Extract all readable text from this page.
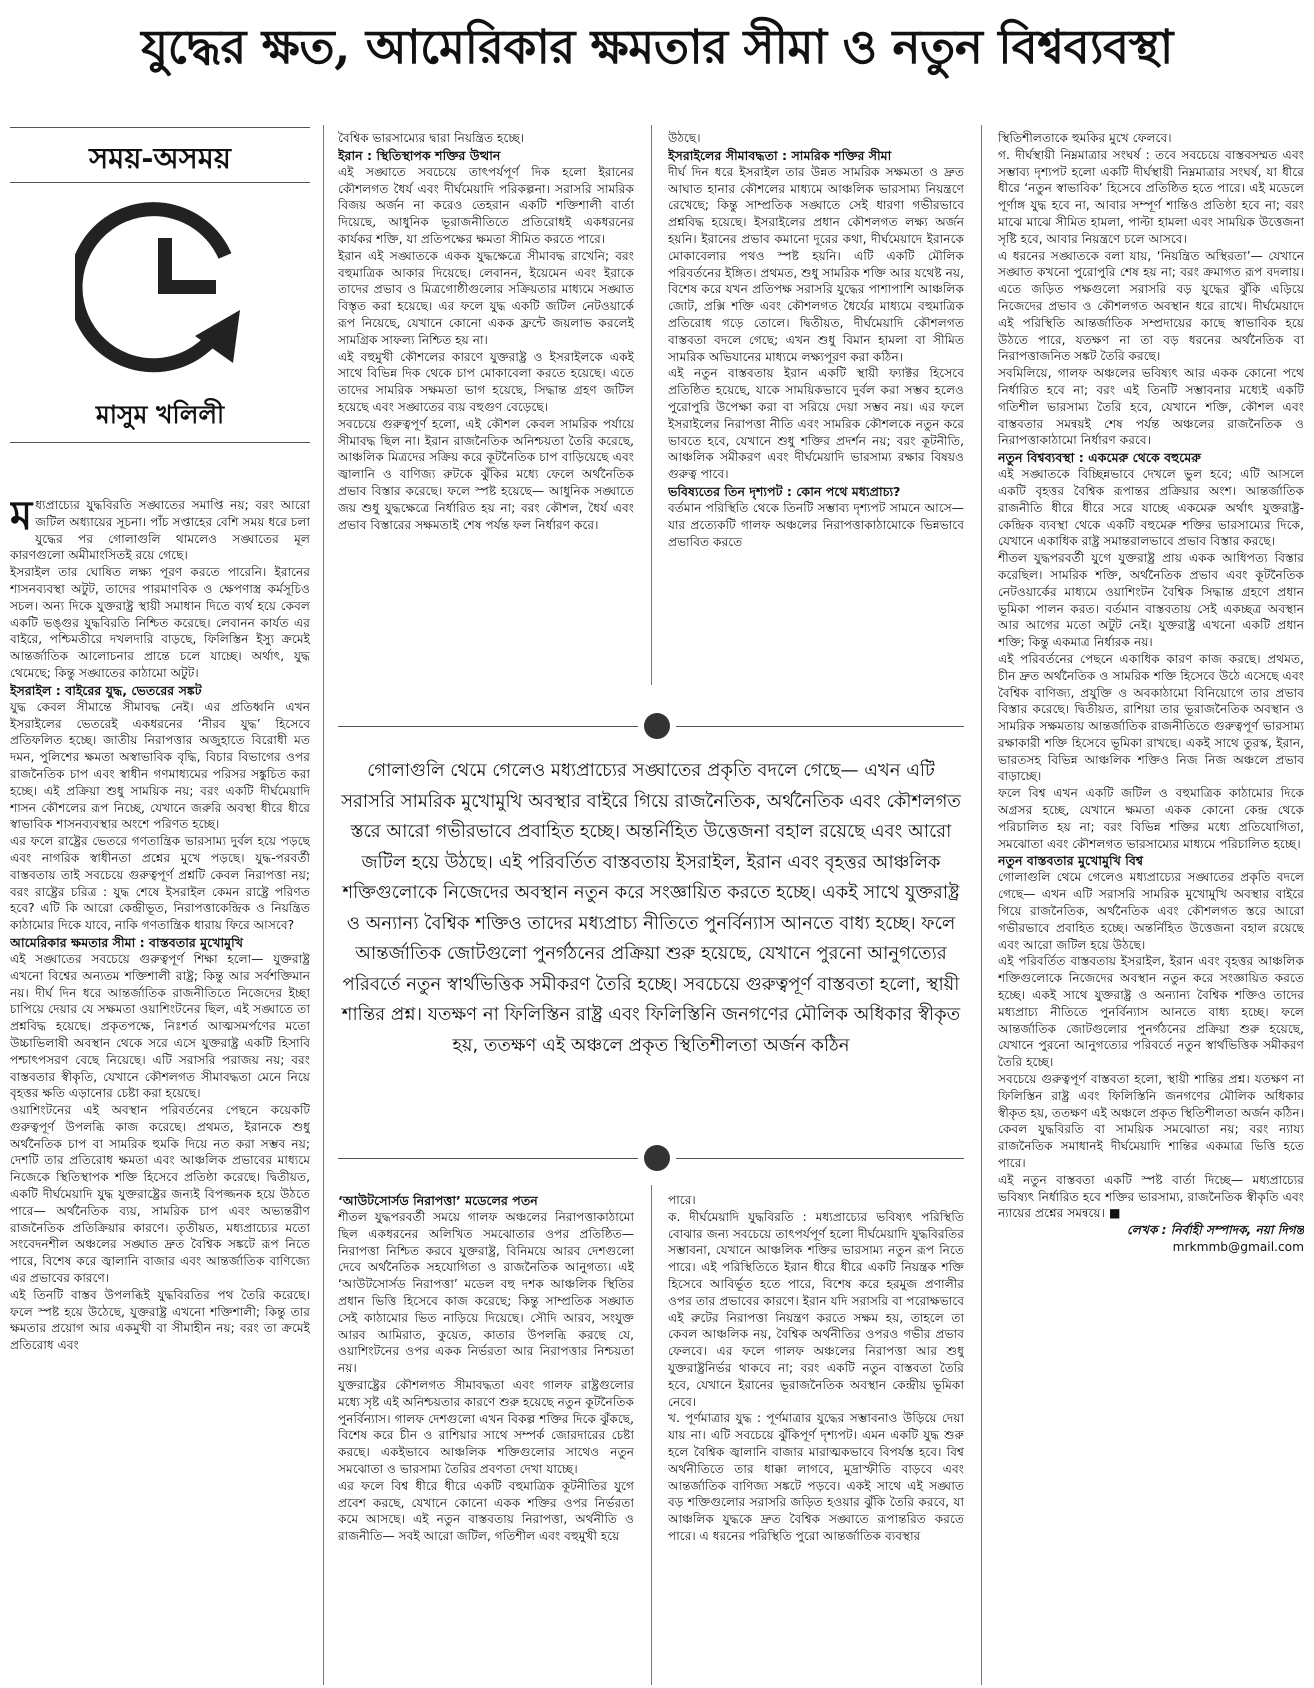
যুদ্ধের ক্ষত, আমেরিকার ক্ষমতার সীমা ও নতুন বিশ্বব্যবস্থা
সময়-অসময়
মাসুম খলিলী

মধ্যপ্রাচ্যের যুদ্ধবিরতি সঙ্ঘাতের সমাপ্তি নয়; বরং আরো জটিল অধ্যায়ের সূচনা। পাঁচ সপ্তাহের বেশি সময় ধরে চলা যুদ্ধের পর গোলাগুলি থামলেও সঙ্ঘাতের মূল কারণগুলো অমীমাংসিতই রয়ে গেছে।

ইসরাইল তার ঘোষিত লক্ষ্য পূরণ করতে পারেনি। ইরানের শাসনব্যবস্থা অটুট, তাদের পারমাণবিক ও ক্ষেপণাস্ত্র কর্মসূচিও সচল। অন্য দিকে যুক্তরাষ্ট্র স্থায়ী সমাধান দিতে ব্যর্থ হয়ে কেবল একটি ভঙ্গুর যুদ্ধবিরতি নিশ্চিত করেছে। লেবানন কার্যত এর বাইরে, পশ্চিমতীরে দখলদারি বাড়ছে, ফিলিস্তিন ইস্যু ক্রমেই আন্তর্জাতিক আলোচনার প্রান্তে চলে যাচ্ছে। অর্থাৎ, যুদ্ধ থেমেছে; কিন্তু সঙ্ঘাতের কাঠামো অটুট।

ইসরাইল : বাইরের যুদ্ধ, ভেতরের সঙ্কট

যুদ্ধ কেবল সীমান্তে সীমাবদ্ধ নেই। এর প্রতিধ্বনি এখন ইসরাইলের ভেতরেই একধরনের ‘নীরব যুদ্ধ’ হিসেবে প্রতিফলিত হচ্ছে। জাতীয় নিরাপত্তার অজুহাতে বিরোধী মত দমন, পুলিশের ক্ষমতা অস্বাভাবিক বৃদ্ধি, বিচার বিভাগের ওপর রাজনৈতিক চাপ এবং স্বাধীন গণমাধ্যমের পরিসর সঙ্কুচিত করা হচ্ছে। এই প্রক্রিয়া শুধু সাময়িক নয়; বরং একটি দীর্ঘমেয়াদি শাসন কৌশলের রূপ নিচ্ছে, যেখানে জরুরি অবস্থা ধীরে ধীরে স্বাভাবিক শাসনব্যবস্থার অংশে পরিণত হচ্ছে।

এর ফলে রাষ্ট্রের ভেতরে গণতান্ত্রিক ভারসাম্য দুর্বল হয়ে পড়ছে এবং নাগরিক স্বাধীনতা প্রশ্নের মুখে পড়ছে। যুদ্ধ-পরবর্তী বাস্তবতায় তাই সবচেয়ে গুরুত্বপূর্ণ প্রশ্নটি কেবল নিরাপত্তা নয়; বরং রাষ্ট্রের চরিত্র : যুদ্ধ শেষে ইসরাইল কেমন রাষ্ট্রে পরিণত হবে? এটি কি আরো কেন্দ্রীভূত, নিরাপত্তাকেন্দ্রিক ও নিয়ন্ত্রিত কাঠামোর দিকে যাবে, নাকি গণতান্ত্রিক ধারায় ফিরে আসবে?

আমেরিকার ক্ষমতার সীমা : বাস্তবতার মুখোমুখি

এই সঙ্ঘাতের সবচেয়ে গুরুত্বপূর্ণ শিক্ষা হলো— যুক্তরাষ্ট্র এখনো বিশ্বের অন্যতম শক্তিশালী রাষ্ট্র; কিন্তু আর সর্বশক্তিমান নয়। দীর্ঘ দিন ধরে আন্তর্জাতিক রাজনীতিতে নিজেদের ইচ্ছা চাপিয়ে দেয়ার যে সক্ষমতা ওয়াশিংটনের ছিল, এই সঙ্ঘাতে তা প্রশ্নবিদ্ধ হয়েছে। প্রকৃতপক্ষে, নিঃশর্ত আত্মসমর্পণের মতো উচ্চাভিলাষী অবস্থান থেকে সরে এসে যুক্তরাষ্ট্র একটি হিসাবি পশ্চাৎপসরণ বেছে নিয়েছে। এটি সরাসরি পরাজয় নয়; বরং বাস্তবতার স্বীকৃতি, যেখানে কৌশলগত সীমাবদ্ধতা মেনে নিয়ে বৃহত্তর ক্ষতি এড়ানোর চেষ্টা করা হয়েছে।

ওয়াশিংটনের এই অবস্থান পরিবর্তনের পেছনে কয়েকটি গুরুত্বপূর্ণ উপলব্ধি কাজ করেছে। প্রথমত, ইরানকে শুধু অর্থনৈতিক চাপ বা সামরিক হুমকি দিয়ে নত করা সম্ভব নয়; দেশটি তার প্রতিরোধ ক্ষমতা এবং আঞ্চলিক প্রভাবের মাধ্যমে নিজেকে স্থিতিস্থাপক শক্তি হিসেবে প্রতিষ্ঠা করেছে। দ্বিতীয়ত, একটি দীর্ঘমেয়াদি যুদ্ধ যুক্তরাষ্ট্রের জন্যই বিপজ্জনক হয়ে উঠতে পারে— অর্থনৈতিক ব্যয়, সামরিক চাপ এবং অভ্যন্তরীণ রাজনৈতিক প্রতিক্রিয়ার কারণে। তৃতীয়ত, মধ্যপ্রাচ্যের মতো সংবেদনশীল অঞ্চলের সঙ্ঘাত দ্রুত বৈশ্বিক সঙ্কটে রূপ নিতে পারে, বিশেষ করে জ্বালানি বাজার এবং আন্তর্জাতিক বাণিজ্যে এর প্রভাবের কারণে।

এই তিনটি বাস্তব উপলব্ধিই যুদ্ধবিরতির পথ তৈরি করেছে। ফলে স্পষ্ট হয়ে উঠেছে, যুক্তরাষ্ট্র এখনো শক্তিশালী; কিন্তু তার ক্ষমতার প্রয়োগ আর একমুখী বা সীমাহীন নয়; বরং তা ক্রমেই প্রতিরোধ এবং

বৈশ্বিক ভারসাম্যের দ্বারা নিয়ন্ত্রিত হচ্ছে।

ইরান : স্থিতিস্থাপক শক্তির উত্থান

এই সঙ্ঘাতে সবচেয়ে তাৎপর্যপূর্ণ দিক হলো ইরানের কৌশলগত ধৈর্য এবং দীর্ঘমেয়াদি পরিকল্পনা। সরাসরি সামরিক বিজয় অর্জন না করেও তেহরান একটি শক্তিশালী বার্তা দিয়েছে, আধুনিক ভূরাজনীতিতে প্রতিরোধই একধরনের কার্যকর শক্তি, যা প্রতিপক্ষের ক্ষমতা সীমিত করতে পারে।

ইরান এই সঙ্ঘাতকে একক যুদ্ধক্ষেত্রে সীমাবদ্ধ রাখেনি; বরং বহুমাত্রিক আকার দিয়েছে। লেবানন, ইয়েমেন এবং ইরাকে তাদের প্রভাব ও মিত্রগোষ্ঠীগুলোর সক্রিয়তার মাধ্যমে সঙ্ঘাত বিস্তৃত করা হয়েছে। এর ফলে যুদ্ধ একটি জটিল নেটওয়ার্কে রূপ নিয়েছে, যেখানে কোনো একক ফ্রন্টে জয়লাভ করলেই সামগ্রিক সাফল্য নিশ্চিত হয় না।

এই বহুমুখী কৌশলের কারণে যুক্তরাষ্ট্র ও ইসরাইলকে একই সাথে বিভিন্ন দিক থেকে চাপ মোকাবেলা করতে হয়েছে। এতে তাদের সামরিক সক্ষমতা ভাগ হয়েছে, সিদ্ধান্ত গ্রহণ জটিল হয়েছে এবং সঙ্ঘাতের ব্যয় বহুগুণ বেড়েছে।

সবচেয়ে গুরুত্বপূর্ণ হলো, এই কৌশল কেবল সামরিক পর্যায়ে সীমাবদ্ধ ছিল না। ইরান রাজনৈতিক অনিশ্চয়তা তৈরি করেছে, আঞ্চলিক মিত্রদের সক্রিয় করে কূটনৈতিক চাপ বাড়িয়েছে এবং জ্বালানি ও বাণিজ্য রুটকে ঝুঁকির মধ্যে ফেলে অর্থনৈতিক প্রভাব বিস্তার করেছে। ফলে স্পষ্ট হয়েছে— আধুনিক সঙ্ঘাতে জয় শুধু যুদ্ধক্ষেত্রে নির্ধারিত হয় না; বরং কৌশল, ধৈর্য এবং প্রভাব বিস্তারের সক্ষমতাই শেষ পর্যন্ত ফল নির্ধারণ করে।

উঠছে।

ইসরাইলের সীমাবদ্ধতা : সামরিক শক্তির সীমা

দীর্ঘ দিন ধরে ইসরাইল তার উন্নত সামরিক সক্ষমতা ও দ্রুত আঘাত হানার কৌশলের মাধ্যমে আঞ্চলিক ভারসাম্য নিয়ন্ত্রণে রেখেছে; কিন্তু সাম্প্রতিক সঙ্ঘাতে সেই ধারণা গভীরভাবে প্রশ্নবিদ্ধ হয়েছে। ইসরাইলের প্রধান কৌশলগত লক্ষ্য অর্জন হয়নি। ইরানের প্রভাব কমানো দূরের কথা, দীর্ঘমেয়াদে ইরানকে মোকাবেলার পথও স্পষ্ট হয়নি। এটি একটি মৌলিক পরিবর্তনের ইঙ্গিত। প্রথমত, শুধু সামরিক শক্তি আর যথেষ্ট নয়, বিশেষ করে যখন প্রতিপক্ষ সরাসরি যুদ্ধের পাশাপাশি আঞ্চলিক জোট, প্রক্সি শক্তি এবং কৌশলগত ধৈর্যের মাধ্যমে বহুমাত্রিক প্রতিরোধ গড়ে তোলে। দ্বিতীয়ত, দীর্ঘমেয়াদি কৌশলগত বাস্তবতা বদলে গেছে; এখন শুধু বিমান হামলা বা সীমিত সামরিক অভিযানের মাধ্যমে লক্ষ্যপূরণ করা কঠিন।

এই নতুন বাস্তবতায় ইরান একটি স্থায়ী ফ্যাক্টর হিসেবে প্রতিষ্ঠিত হয়েছে, যাকে সাময়িকভাবে দুর্বল করা সম্ভব হলেও পুরোপুরি উপেক্ষা করা বা সরিয়ে দেয়া সম্ভব নয়। এর ফলে ইসরাইলের নিরাপত্তা নীতি এবং সামরিক কৌশলকে নতুন করে ভাবতে হবে, যেখানে শুধু শক্তির প্রদর্শন নয়; বরং কূটনীতি, আঞ্চলিক সমীকরণ এবং দীর্ঘমেয়াদি ভারসাম্য রক্ষার বিষয়ও গুরুত্ব পাবে।

ভবিষ্যতের তিন দৃশ্যপট : কোন পথে মধ্যপ্রাচ্য?

বর্তমান পরিস্থিতি থেকে তিনটি সম্ভাব্য দৃশ্যপট সামনে আসে— যার প্রত্যেকটি গালফ অঞ্চলের নিরাপত্তাকাঠামোকে ভিন্নভাবে প্রভাবিত করতে

গোলাগুলি থেমে গেলেও মধ্যপ্রাচ্যের সঙ্ঘাতের প্রকৃতি বদলে গেছে— এখন এটি সরাসরি সামরিক মুখোমুখি অবস্থার বাইরে গিয়ে রাজনৈতিক, অর্থনৈতিক এবং কৌশলগত স্তরে আরো গভীরভাবে প্রবাহিত হচ্ছে। অন্তর্নিহিত উত্তেজনা বহাল রয়েছে এবং আরো জটিল হয়ে উঠছে। এই পরিবর্তিত বাস্তবতায় ইসরাইল, ইরান এবং বৃহত্তর আঞ্চলিক শক্তিগুলোকে নিজেদের অবস্থান নতুন করে সংজ্ঞায়িত করতে হচ্ছে। একই সাথে যুক্তরাষ্ট্র ও অন্যান্য বৈশ্বিক শক্তিও তাদের মধ্যপ্রাচ্য নীতিতে পুনর্বিন্যাস আনতে বাধ্য হচ্ছে। ফলে আন্তর্জাতিক জোটগুলো পুনর্গঠনের প্রক্রিয়া শুরু হয়েছে, যেখানে পুরনো আনুগত্যের পরিবর্তে নতুন স্বার্থভিত্তিক সমীকরণ তৈরি হচ্ছে। সবচেয়ে গুরুত্বপূর্ণ বাস্তবতা হলো, স্থায়ী শান্তির প্রশ্ন। যতক্ষণ না ফিলিস্তিন রাষ্ট্র এবং ফিলিস্তিনি জনগণের মৌলিক অধিকার স্বীকৃত হয়, ততক্ষণ এই অঞ্চলে প্রকৃত স্থিতিশীলতা অর্জন কঠিন
‘আউটসোর্সড নিরাপত্তা’ মডেলের পতন

শীতল যুদ্ধপরবর্তী সময়ে গালফ অঞ্চলের নিরাপত্তাকাঠামো ছিল একধরনের অলিখিত সমঝোতার ওপর প্রতিষ্ঠিত— নিরাপত্তা নিশ্চিত করবে যুক্তরাষ্ট্র, বিনিময়ে আরব দেশগুলো দেবে অর্থনৈতিক সহযোগিতা ও রাজনৈতিক আনুগত্য। এই ‘আউটসোর্সড নিরাপত্তা’ মডেল বহু দশক আঞ্চলিক স্থিতির প্রধান ভিত্তি হিসেবে কাজ করেছে; কিন্তু সাম্প্রতিক সঙ্ঘাত সেই কাঠামোর ভিত নাড়িয়ে দিয়েছে। সৌদি আরব, সংযুক্ত আরব আমিরাত, কুয়েত, কাতার উপলব্ধি করছে যে, ওয়াশিংটনের ওপর একক নির্ভরতা আর নিরাপত্তার নিশ্চয়তা নয়।

যুক্তরাষ্ট্রের কৌশলগত সীমাবদ্ধতা এবং গালফ রাষ্ট্রগুলোর মধ্যে সৃষ্ট এই অনিশ্চয়তার কারণে শুরু হয়েছে নতুন কূটনৈতিক পুনর্বিন্যাস। গালফ দেশগুলো এখন বিকল্প শক্তির দিকে ঝুঁকছে, বিশেষ করে চীন ও রাশিয়ার সাথে সম্পর্ক জোরদারের চেষ্টা করছে। একইভাবে আঞ্চলিক শক্তিগুলোর সাথেও নতুন সমঝোতা ও ভারসাম্য তৈরির প্রবণতা দেখা যাচ্ছে।

এর ফলে বিশ্ব ধীরে ধীরে একটি বহুমাত্রিক কূটনীতির যুগে প্রবেশ করছে, যেখানে কোনো একক শক্তির ওপর নির্ভরতা কমে আসছে। এই নতুন বাস্তবতায় নিরাপত্তা, অর্থনীতি ও রাজনীতি— সবই আরো জটিল, গতিশীল এবং বহুমুখী হয়ে

পারে।

ক. দীর্ঘমেয়াদি যুদ্ধবিরতি : মধ্যপ্রাচ্যের ভবিষ্যৎ পরিস্থিতি বোঝার জন্য সবচেয়ে তাৎপর্যপূর্ণ হলো দীর্ঘমেয়াদি যুদ্ধবিরতির সম্ভাবনা, যেখানে আঞ্চলিক শক্তির ভারসাম্য নতুন রূপ নিতে পারে। এই পরিস্থিতিতে ইরান ধীরে ধীরে একটি নিয়ন্ত্রক শক্তি হিসেবে আবির্ভূত হতে পারে, বিশেষ করে হরমুজ প্রণালীর ওপর তার প্রভাবের কারণে। ইরান যদি সরাসরি বা পরোক্ষভাবে এই রুটের নিরাপত্তা নিয়ন্ত্রণ করতে সক্ষম হয়, তাহলে তা কেবল আঞ্চলিক নয়, বৈশ্বিক অর্থনীতির ওপরও গভীর প্রভাব ফেলবে। এর ফলে গালফ অঞ্চলের নিরাপত্তা আর শুধু যুক্তরাষ্ট্রনির্ভর থাকবে না; বরং একটি নতুন বাস্তবতা তৈরি হবে, যেখানে ইরানের ভূরাজনৈতিক অবস্থান কেন্দ্রীয় ভূমিকা নেবে।

খ. পূর্ণমাত্রার যুদ্ধ : পূর্ণমাত্রার যুদ্ধের সম্ভাবনাও উড়িয়ে দেয়া যায় না। এটি সবচেয়ে ঝুঁকিপূর্ণ দৃশ্যপট। এমন একটি যুদ্ধ শুরু হলে বৈশ্বিক জ্বালানি বাজার মারাত্মকভাবে বিপর্যস্ত হবে। বিশ্ব অর্থনীতিতে তার ধাক্কা লাগবে, মুদ্রাস্ফীতি বাড়বে এবং আন্তর্জাতিক বাণিজ্য সঙ্কটে পড়বে। একই সাথে এই সঙ্ঘাত বড় শক্তিগুলোর সরাসরি জড়িত হওয়ার ঝুঁকি তৈরি করবে, যা আঞ্চলিক যুদ্ধকে দ্রুত বৈশ্বিক সঙ্ঘাতে রূপান্তরিত করতে পারে। এ ধরনের পরিস্থিতি পুরো আন্তর্জাতিক ব্যবস্থার

স্থিতিশীলতাকে হুমকির মুখে ফেলবে।

গ. দীর্ঘস্থায়ী নিম্নমাত্রার সংঘর্ষ : তবে সবচেয়ে বাস্তবসম্মত এবং সম্ভাব্য দৃশ্যপট হলো একটি দীর্ঘস্থায়ী নিম্নমাত্রার সংঘর্ষ, যা ধীরে ধীরে ‘নতুন স্বাভাবিক’ হিসেবে প্রতিষ্ঠিত হতে পারে। এই মডেলে পূর্ণাঙ্গ যুদ্ধ হবে না, আবার সম্পূর্ণ শান্তিও প্রতিষ্ঠা হবে না; বরং মাঝে মাঝে সীমিত হামলা, পাল্টা হামলা এবং সাময়িক উত্তেজনা সৃষ্টি হবে, আবার নিয়ন্ত্রণে চলে আসবে।

এ ধরনের সঙ্ঘাতকে বলা যায়, ‘নিয়ন্ত্রিত অস্থিরতা’— যেখানে সঙ্ঘাত কখনো পুরোপুরি শেষ হয় না; বরং ক্রমাগত রূপ বদলায়। এতে জড়িত পক্ষগুলো সরাসরি বড় যুদ্ধের ঝুঁকি এড়িয়ে নিজেদের প্রভাব ও কৌশলগত অবস্থান ধরে রাখে। দীর্ঘমেয়াদে এই পরিস্থিতি আন্তর্জাতিক সম্প্রদায়ের কাছে স্বাভাবিক হয়ে উঠতে পারে, যতক্ষণ না তা বড় ধরনের অর্থনৈতিক বা নিরাপত্তাজনিত সঙ্কট তৈরি করছে।

সবমিলিয়ে, গালফ অঞ্চলের ভবিষ্যৎ আর একক কোনো পথে নির্ধারিত হবে না; বরং এই তিনটি সম্ভাবনার মধ্যেই একটি গতিশীল ভারসাম্য তৈরি হবে, যেখানে শক্তি, কৌশল এবং বাস্তবতার সমন্বয়ই শেষ পর্যন্ত অঞ্চলের রাজনৈতিক ও নিরাপত্তাকাঠামো নির্ধারণ করবে।

নতুন বিশ্বব্যবস্থা : একমেরু থেকে বহুমেরু

এই সঙ্ঘাতকে বিচ্ছিন্নভাবে দেখলে ভুল হবে; এটি আসলে একটি বৃহত্তর বৈশ্বিক রূপান্তর প্রক্রিয়ার অংশ। আন্তর্জাতিক রাজনীতি ধীরে ধীরে সরে যাচ্ছে একমেরু অর্থাৎ যুক্তরাষ্ট্র-কেন্দ্রিক ব্যবস্থা থেকে একটি বহুমেরু শক্তির ভারসাম্যের দিকে, যেখানে একাধিক রাষ্ট্র সমান্তরালভাবে প্রভাব বিস্তার করছে।

শীতল যুদ্ধপরবর্তী যুগে যুক্তরাষ্ট্র প্রায় একক আধিপত্য বিস্তার করেছিল। সামরিক শক্তি, অর্থনৈতিক প্রভাব এবং কূটনৈতিক নেটওয়ার্কের মাধ্যমে ওয়াশিংটন বৈশ্বিক সিদ্ধান্ত গ্রহণে প্রধান ভূমিকা পালন করত। বর্তমান বাস্তবতায় সেই একচ্ছত্র অবস্থান আর আগের মতো অটুট নেই। যুক্তরাষ্ট্র এখনো একটি প্রধান শক্তি; কিন্তু একমাত্র নির্ধারক নয়।

এই পরিবর্তনের পেছনে একাধিক কারণ কাজ করছে। প্রথমত, চীন দ্রুত অর্থনৈতিক ও সামরিক শক্তি হিসেবে উঠে এসেছে এবং বৈশ্বিক বাণিজ্য, প্রযুক্তি ও অবকাঠামো বিনিয়োগে তার প্রভাব বিস্তার করেছে। দ্বিতীয়ত, রাশিয়া তার ভূরাজনৈতিক অবস্থান ও সামরিক সক্ষমতায় আন্তর্জাতিক রাজনীতিতে গুরুত্বপূর্ণ ভারসাম্য রক্ষাকারী শক্তি হিসেবে ভূমিকা রাখছে। একই সাথে তুরস্ক, ইরান, ভারতসহ বিভিন্ন আঞ্চলিক শক্তিও নিজ নিজ অঞ্চলে প্রভাব বাড়াচ্ছে।

ফলে বিশ্ব এখন একটি জটিল ও বহুমাত্রিক কাঠামোর দিকে অগ্রসর হচ্ছে, যেখানে ক্ষমতা একক কোনো কেন্দ্র থেকে পরিচালিত হয় না; বরং বিভিন্ন শক্তির মধ্যে প্রতিযোগিতা, সমঝোতা এবং কৌশলগত ভারসাম্যের মাধ্যমে পরিচালিত হচ্ছে।

নতুন বাস্তবতার মুখোমুখি বিশ্ব

গোলাগুলি থেমে গেলেও মধ্যপ্রাচ্যের সঙ্ঘাতের প্রকৃতি বদলে গেছে— এখন এটি সরাসরি সামরিক মুখোমুখি অবস্থার বাইরে গিয়ে রাজনৈতিক, অর্থনৈতিক এবং কৌশলগত স্তরে আরো গভীরভাবে প্রবাহিত হচ্ছে। অন্তর্নিহিত উত্তেজনা বহাল রয়েছে এবং আরো জটিল হয়ে উঠছে।

এই পরিবর্তিত বাস্তবতায় ইসরাইল, ইরান এবং বৃহত্তর আঞ্চলিক শক্তিগুলোকে নিজেদের অবস্থান নতুন করে সংজ্ঞায়িত করতে হচ্ছে। একই সাথে যুক্তরাষ্ট্র ও অন্যান্য বৈশ্বিক শক্তিও তাদের মধ্যপ্রাচ্য নীতিতে পুনর্বিন্যাস আনতে বাধ্য হচ্ছে। ফলে আন্তর্জাতিক জোটগুলোর পুনর্গঠনের প্রক্রিয়া শুরু হয়েছে, যেখানে পুরনো আনুগত্যের পরিবর্তে নতুন স্বার্থভিত্তিক সমীকরণ তৈরি হচ্ছে।

সবচেয়ে গুরুত্বপূর্ণ বাস্তবতা হলো, স্থায়ী শান্তির প্রশ্ন। যতক্ষণ না ফিলিস্তিন রাষ্ট্র এবং ফিলিস্তিনি জনগণের মৌলিক অধিকার স্বীকৃত হয়, ততক্ষণ এই অঞ্চলে প্রকৃত স্থিতিশীলতা অর্জন কঠিন। কেবল যুদ্ধবিরতি বা সাময়িক সমঝোতা নয়; বরং ন্যায্য রাজনৈতিক সমাধানই দীর্ঘমেয়াদি শান্তির একমাত্র ভিত্তি হতে পারে।

এই নতুন বাস্তবতা একটি স্পষ্ট বার্তা দিচ্ছে— মধ্যপ্রাচ্যের ভবিষ্যৎ নির্ধারিত হবে শক্তির ভারসাম্য, রাজনৈতিক স্বীকৃতি এবং ন্যায়ের প্রশ্নের সমন্বয়ে। ■

লেখক : নির্বাহী সম্পাদক, নয়া দিগন্ত

mrkmmb@gmail.com
